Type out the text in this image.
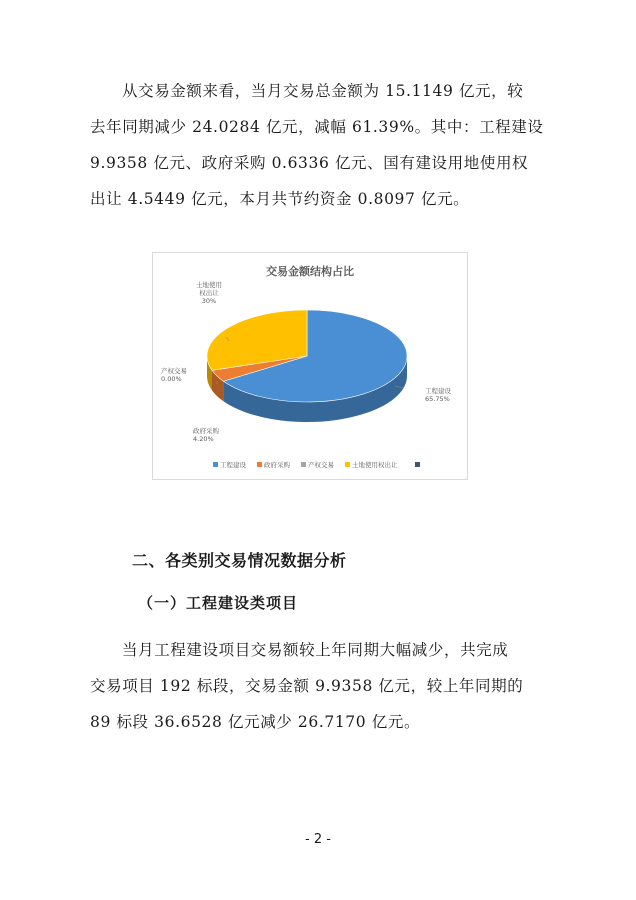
从交易金额来看，当月交易总金额为 15.1149 亿元，较
去年同期减少 24.0284 亿元，减幅 61.39%。其中：工程建设
9.9358 亿元、政府采购 0.6336 亿元、国有建设用地使用权
出让 4.5449 亿元，本月共节约资金 0.8097 亿元。
交易金额结构占比
工程建设 65.75%
政府采购 4.20%
产权交易 0.00%
土地使用权出让 30%
工程建设	政府采购	产权交易	土地使用权出让
二、各类别交易情况数据分析
（一）工程建设类项目
当月工程建设项目交易额较上年同期大幅减少，共完成
交易项目 192 标段，交易金额 9.9358 亿元，较上年同期的
89 标段 36.6528 亿元减少 26.7170 亿元。
- 2 -
